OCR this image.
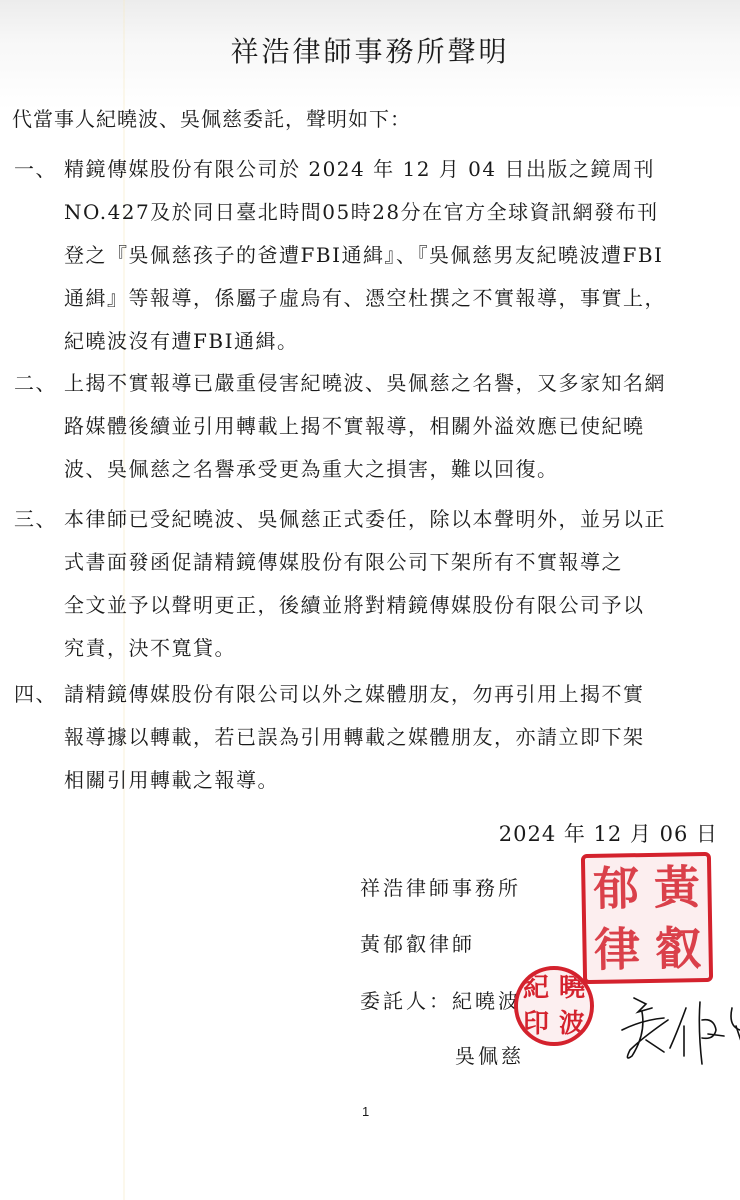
祥浩律師事務所聲明
代當事人紀曉波、吳佩慈委託，聲明如下：
一、 精鏡傳媒股份有限公司於 2024 年 12 月 04 日出版之鏡周刊
NO.427及於同日臺北時間05時28分在官方全球資訊網發布刊
登之『吳佩慈孩子的爸遭FBI通緝』、『吳佩慈男友紀曉波遭FBI
通緝』等報導，係屬子虛烏有、憑空杜撰之不實報導，事實上，
紀曉波沒有遭FBI通緝。
二、 上揭不實報導已嚴重侵害紀曉波、吳佩慈之名譽，又多家知名網
路媒體後續並引用轉載上揭不實報導，相關外溢效應已使紀曉
波、吳佩慈之名譽承受更為重大之損害，難以回復。
三、 本律師已受紀曉波、吳佩慈正式委任，除以本聲明外，並另以正
式書面發函促請精鏡傳媒股份有限公司下架所有不實報導之
全文並予以聲明更正，後續並將對精鏡傳媒股份有限公司予以
究責，決不寬貸。
四、 請精鏡傳媒股份有限公司以外之媒體朋友，勿再引用上揭不實
報導據以轉載，若已誤為引用轉載之媒體朋友，亦請立即下架
相關引用轉載之報導。
2024 年 12 月 06 日
祥浩律師事務所
黃郁叡律師
委託人：紀曉波
吳佩慈
郁 黃
律 叡
紀 曉
印 波
1
